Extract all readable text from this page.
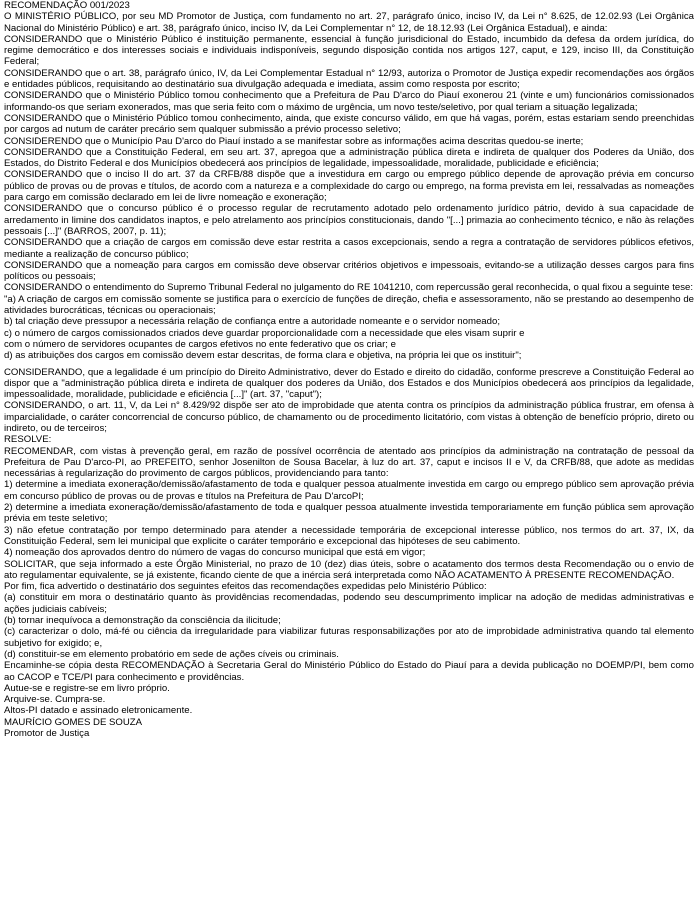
RECOMENDAÇÃO 001/2023

O MINISTÉRIO PÚBLICO, por seu MD Promotor de Justiça, com fundamento no art. 27, parágrafo único, inciso IV, da Lei n° 8.625, de 12.02.93 (Lei Orgânica Nacional do Ministério Público) e art. 38, parágrafo único, inciso IV, da Lei Complementar n° 12, de 18.12.93 (Lei Orgânica Estadual), e ainda:

CONSIDERANDO que o Ministério Público é instituição permanente, essencial à função jurisdicional do Estado, incumbido da defesa da ordem jurídica, do regime democrático e dos interesses sociais e individuais indisponíveis, segundo disposição contida nos artigos 127, caput, e 129, inciso III, da Constituição Federal;

CONSIDERANDO que o art. 38, parágrafo único, IV, da Lei Complementar Estadual n° 12/93, autoriza o Promotor de Justiça expedir recomendações aos órgãos e entidades públicos, requisitando ao destinatário sua divulgação adequada e imediata, assim como resposta por escrito;

CONSIDERANDO que o Ministério Público tomou conhecimento que a Prefeitura de Pau D'arco do Piauí exonerou 21 (vinte e um) funcionários comissionados informando-os que seriam exonerados, mas que seria feito com o máximo de urgência, um novo teste/seletivo, por qual teriam a situação legalizada;

CONSIDERANDO que o Ministério Público tomou conhecimento, ainda, que existe concurso válido, em que há vagas, porém, estas estariam sendo preenchidas por cargos ad nutum de caráter precário sem qualquer submissão a prévio processo seletivo;

CONSIDERENDO que o Município Pau D'arco do Piauí instado a se manifestar sobre as informações acima descritas quedou-se inerte;

CONSIDERANDO que a Constituição Federal, em seu art. 37, apregoa que a administração pública direta e indireta de qualquer dos Poderes da União, dos Estados, do Distrito Federal e dos Municípios obedecerá aos princípios de legalidade, impessoalidade, moralidade, publicidade e eficiência;

CONSIDERANDO que o inciso II do art. 37 da CRFB/88 dispõe que a investidura em cargo ou emprego público depende de aprovação prévia em concurso público de provas ou de provas e títulos, de acordo com a natureza e a complexidade do cargo ou emprego, na forma prevista em lei, ressalvadas as nomeações para cargo em comissão declarado em lei de livre nomeação e exoneração;

CONSIDERANDO que o concurso público é o processo regular de recrutamento adotado pelo ordenamento jurídico pátrio, devido à sua capacidade de arredamento in limine dos candidatos inaptos, e pelo atrelamento aos princípios constitucionais, dando "[...] primazia ao conhecimento técnico, e não às relações pessoais [...]" (BARROS, 2007, p. 11);

CONSIDERANDO que a criação de cargos em comissão deve estar restrita a casos excepcionais, sendo a regra a contratação de servidores públicos efetivos, mediante a realização de concurso público;

CONSIDERANDO que a nomeação para cargos em comissão deve observar critérios objetivos e impessoais, evitando-se a utilização desses cargos para fins políticos ou pessoais;

CONSIDERANDO o entendimento do Supremo Tribunal Federal no julgamento do RE 1041210, com repercussão geral reconhecida, o qual fixou a seguinte tese:

"a) A criação de cargos em comissão somente se justifica para o exercício de funções de direção, chefia e assessoramento, não se prestando ao desempenho de atividades burocráticas, técnicas ou operacionais;

b) tal criação deve pressupor a necessária relação de confiança entre a autoridade nomeante e o servidor nomeado;

c) o número de cargos comissionados criados deve guardar proporcionalidade com a necessidade que eles visam suprir e

com o número de servidores ocupantes de cargos efetivos no ente federativo que os criar; e

d) as atribuições dos cargos em comissão devem estar descritas, de forma clara e objetiva, na própria lei que os instituir";

CONSIDERANDO, que a legalidade é um princípio do Direito Administrativo, dever do Estado e direito do cidadão, conforme prescreve a Constituição Federal ao dispor que a "administração pública direta e indireta de qualquer dos poderes da União, dos Estados e dos Municípios obedecerá aos princípios da legalidade, impessoalidade, moralidade, publicidade e eficiência [...]" (art. 37, "caput");

CONSIDERANDO, o art. 11, V, da Lei n° 8.429/92 dispõe ser ato de improbidade que atenta contra os princípios da administração pública frustrar, em ofensa à imparcialidade, o caráter concorrencial de concurso público, de chamamento ou de procedimento licitatório, com vistas à obtenção de benefício próprio, direto ou indireto, ou de terceiros;

RESOLVE:

RECOMENDAR, com vistas à prevenção geral, em razão de possível ocorrência de atentado aos princípios da administração na contratação de pessoal da Prefeitura de Pau D'arco-PI, ao PREFEITO, senhor Josenilton de Sousa Bacelar, à luz do art. 37, caput e incisos II e V, da CRFB/88, que adote as medidas necessárias à regularização do provimento de cargos públicos, providenciando para tanto:

1) determine a imediata exoneração/demissão/afastamento de toda e qualquer pessoa atualmente investida em cargo ou emprego público sem aprovação prévia em concurso público de provas ou de provas e títulos na Prefeitura de Pau D'arcoPI;

2) determine a imediata exoneração/demissão/afastamento de toda e qualquer pessoa atualmente investida temporariamente em função pública sem aprovação prévia em teste seletivo;

3) não efetue contratação por tempo determinado para atender a necessidade temporária de excepcional interesse público, nos termos do art. 37, IX, da Constituição Federal, sem lei municipal que explicite o caráter temporário e excepcional das hipóteses de seu cabimento.

4) nomeação dos aprovados dentro do número de vagas do concurso municipal que está em vigor;

SOLICITAR, que seja informado a este Órgão Ministerial, no prazo de 10 (dez) dias úteis, sobre o acatamento dos termos desta Recomendação ou o envio de ato regulamentar equivalente, se já existente, ficando ciente de que a inércia será interpretada como NÃO ACATAMENTO À PRESENTE RECOMENDAÇÃO.

Por fim, fica advertido o destinatário dos seguintes efeitos das recomendações expedidas pelo Ministério Público:

(a) constituir em mora o destinatário quanto às providências recomendadas, podendo seu descumprimento implicar na adoção de medidas administrativas e ações judiciais cabíveis;

(b) tornar inequívoca a demonstração da consciência da ilicitude;

(c) caracterizar o dolo, má-fé ou ciência da irregularidade para viabilizar futuras responsabilizações por ato de improbidade administrativa quando tal elemento subjetivo for exigido; e,

(d) constituir-se em elemento probatório em sede de ações cíveis ou criminais.

Encaminhe-se cópia desta RECOMENDAÇÃO à Secretaria Geral do Ministério Público do Estado do Piauí para a devida publicação no DOEMP/PI, bem como ao CACOP e TCE/PI para conhecimento e providências.

Autue-se e registre-se em livro próprio.

Arquive-se. Cumpra-se.

Altos-PI datado e assinado eletronicamente.

MAURÍCIO GOMES DE SOUZA

Promotor de Justiça
